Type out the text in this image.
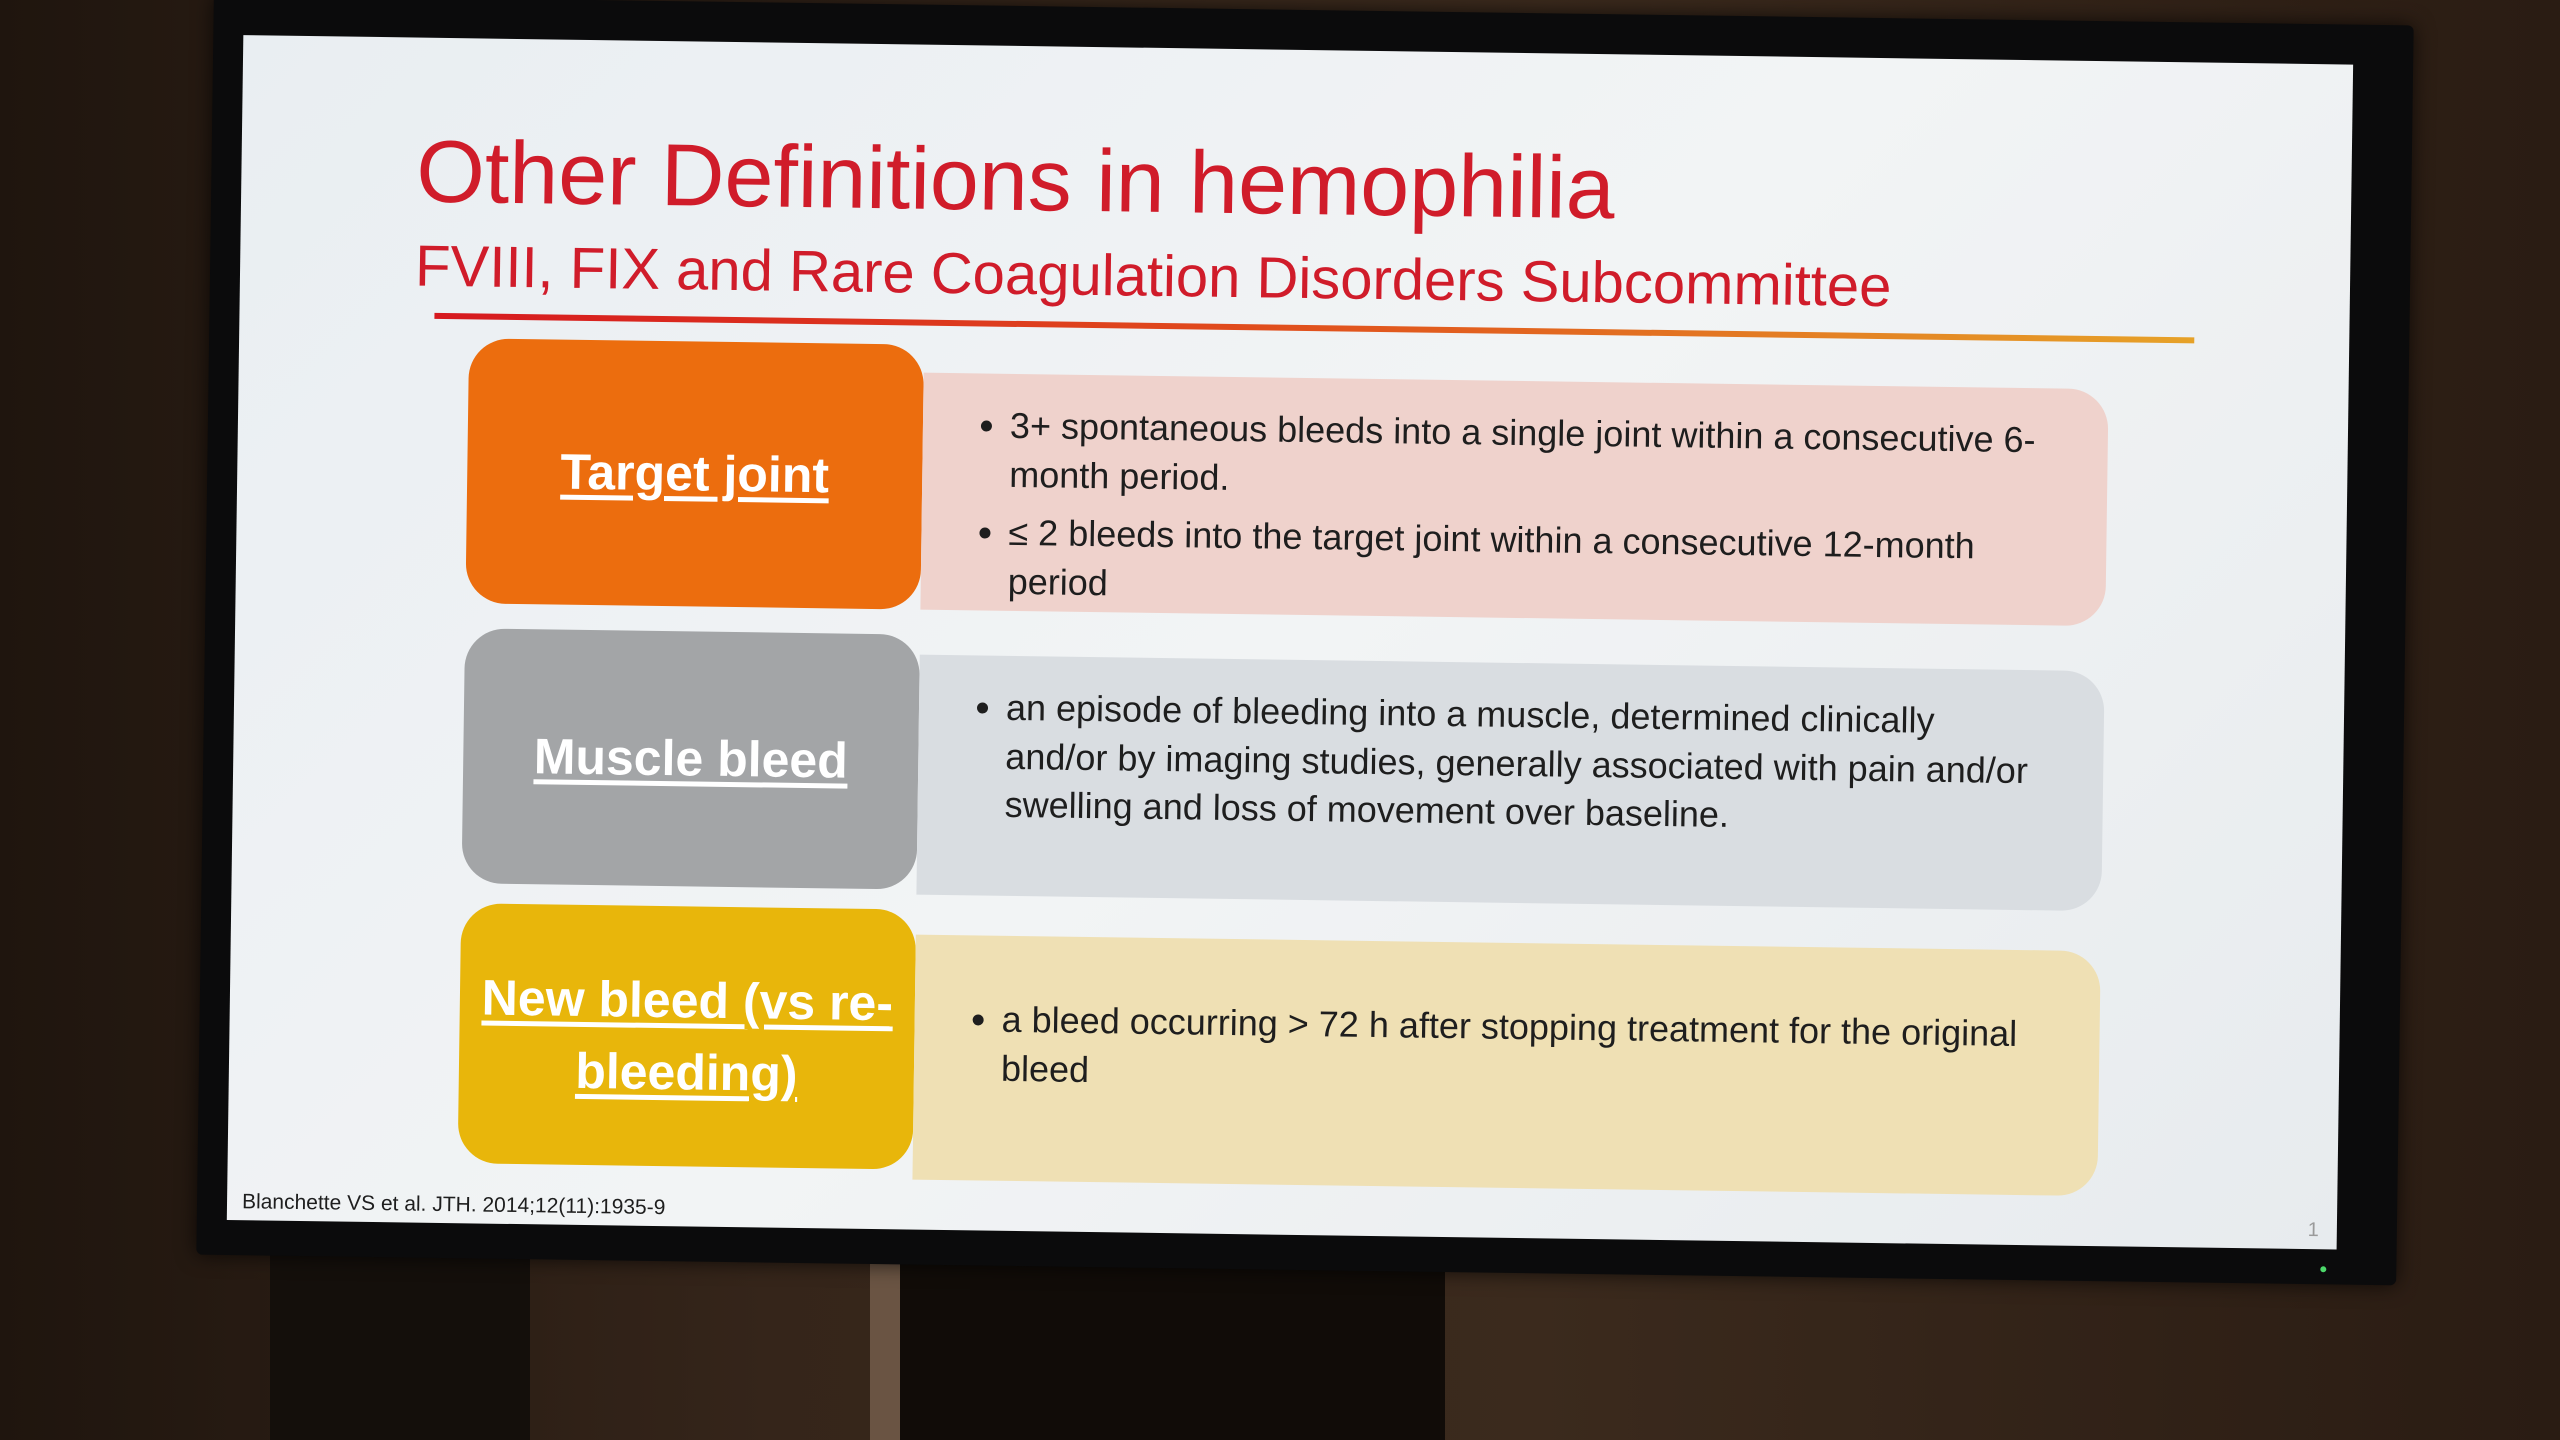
Other Definitions in hemophilia
FVIII, FIX and Rare Coagulation Disorders Subcommittee
Target joint
• 3+ spontaneous bleeds into a single joint within a consecutive 6-month period.
• ≤ 2 bleeds into the target joint within a consecutive 12-month period
Muscle bleed
• an episode of bleeding into a muscle, determined clinically and/or by imaging studies, generally associated with pain and/or swelling and loss of movement over baseline.
New bleed (vs re-bleeding)
• a bleed occurring > 72 h after stopping treatment for the original bleed
Blanchette VS et al. JTH. 2014;12(11):1935-9
1
